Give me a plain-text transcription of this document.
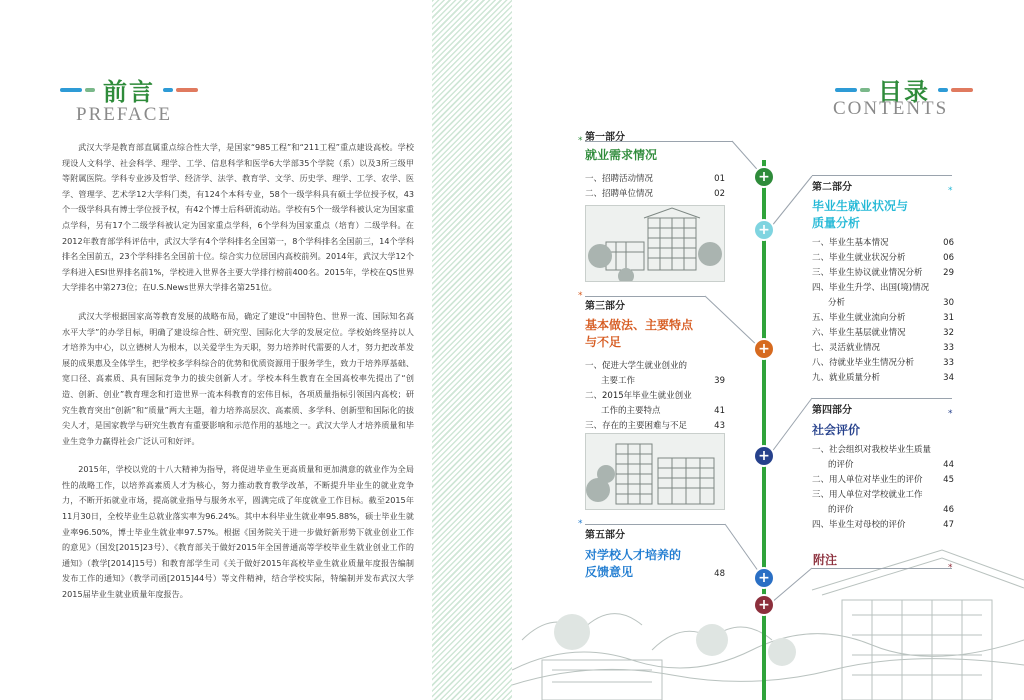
前言
PREFACE

武汉大学是教育部直属重点综合性大学，是国家“985工程”和“211工程”重点建设高校。学校现设人文科学、社会科学、理学、工学、信息科学和医学6大学部35个学院（系）以及3所三级甲等附属医院。学科专业涉及哲学、经济学、法学、教育学、文学、历史学、理学、工学、农学、医学、管理学、艺术学12大学科门类，有124个本科专业，58个一级学科具有硕士学位授予权，43个一级学科具有博士学位授予权，有42个博士后科研流动站。学校有5个一级学科被认定为国家重点学科，另有17个二级学科被认定为国家重点学科，6个学科为国家重点（培育）二级学科。在2012年教育部学科评估中，武汉大学有4个学科排名全国第一，8个学科排名全国前三，14个学科排名全国前五，23个学科排名全国前十位。综合实力位居国内高校前列。2014年，武汉大学12个学科进入ESI世界排名前1%，学校进入世界各主要大学排行榜前400名。2015年，学校在QS世界大学排名中第273位；在U.S.News世界大学排名第251位。

武汉大学根据国家高等教育发展的战略布局，确定了建设“中国特色、世界一流、国际知名高水平大学”的办学目标，明确了建设综合性、研究型、国际化大学的发展定位。学校始终坚持以人才培养为中心，以立德树人为根本，以关爱学生为天职，努力培养时代需要的人才，努力把改革发展的成果惠及全体学生，把学校多学科综合的优势和优质资源用于服务学生，致力于培养厚基础、宽口径、高素质、具有国际竞争力的拔尖创新人才。学校本科生教育在全国高校率先提出了“创造、创新、创业”教育理念和打造世界一流本科教育的宏伟目标，各项质量指标引领国内高校；研究生教育突出“创新”和“质量”两大主题，着力培养高层次、高素质、多学科、创新型和国际化的拔尖人才，是国家教学与研究生教育有重要影响和示范作用的基地之一。武汉大学人才培养质量和毕业生竞争力赢得社会广泛认可和好评。

2015年，学校以党的十八大精神为指导，将促进毕业生更高质量和更加满意的就业作为全局性的战略工作，以培养高素质人才为核心，努力推动教育教学改革，不断提升毕业生的就业竞争力，不断开拓就业市场，提高就业指导与服务水平，圆满完成了年度就业工作目标。截至2015年11月30日，全校毕业生总就业落实率为96.24%。其中本科毕业生就业率95.88%，硕士毕业生就业率96.50%，博士毕业生就业率97.57%。根据《国务院关于进一步做好新形势下就业创业工作的意见》（国发[2015]23号）、《教育部关于做好2015年全国普通高等学校毕业生就业创业工作的通知》（教学[2014]15号）和教育部学生司《关于做好2015年高校毕业生就业质量年度报告编制发布工作的通知》（教学司函[2015]44号）等文件精神，结合学校实际，特编制并发布武汉大学2015届毕业生就业质量年度报告。

目录
CONTENTS
+
+
+
+
+
+
*
*
*
*
*
*
第一部分
就业需求情况
一、招聘活动情况	01
二、招聘单位情况	02
第二部分
毕业生就业状况与
质量分析
一、毕业生基本情况	06
二、毕业生就业状况分析	06
三、毕业生协议就业情况分析	29
四、毕业生升学、出国(境)情况
分析	30
五、毕业生就业流向分析	31
六、毕业生基层就业情况	32
七、灵活就业情况	33
八、待就业毕业生情况分析	33
九、就业质量分析	34
第三部分
基本做法、主要特点
与不足
一、促进大学生就业创业的
主要工作	39
二、2015年毕业生就业创业
工作的主要特点	41
三、存在的主要困难与不足	43
第四部分
社会评价
一、社会组织对我校毕业生质量
的评价	44
二、用人单位对毕业生的评价	45
三、用人单位对学校就业工作
的评价	46
四、毕业生对母校的评价	47
第五部分
对学校人才培养的
反馈意见	48
附注
